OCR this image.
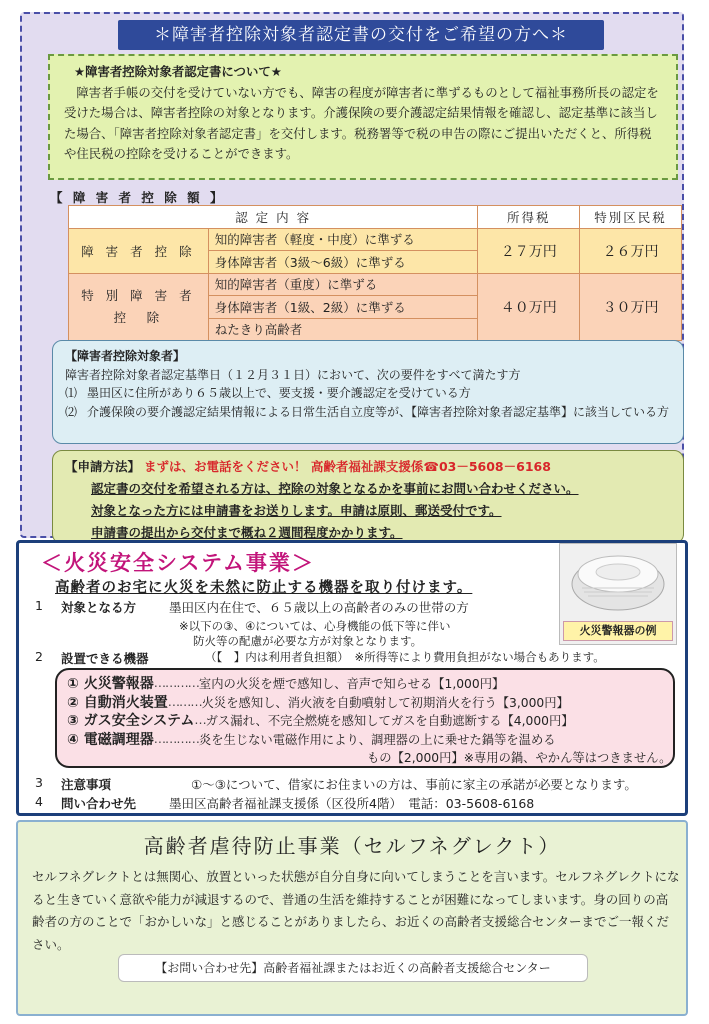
＊障害者控除対象者認定書の交付をご希望の方へ＊
★障害者控除対象者認定書について★
障害者手帳の交付を受けていない方でも、障害の程度が障害者に準ずるものとして福祉事務所長の認定を受けた場合は、障害者控除の対象となります。介護保険の要介護認定結果情報を確認し、認定基準に該当した場合、「障害者控除対象者認定書」を交付します。税務署等で税の申告の際にご提出いただくと、所得税や住民税の控除を受けることができます。
【 障 害 者 控 除 額 】
認 定 内 容		所得税	特別区民税
障 害 者 控 除	知的障害者（軽度・中度）に準ずる	２７万円	２６万円
	身体障害者（3級～6級）に準ずる		

特 別 障 害 者
控　除	知的障害者（重度）に準ずる	４０万円	３０万円
	身体障害者（1級、2級）に準ずる		
	ねたきり高齢者		
【障害者控除対象者】
障害者控除対象者認定基準日（１２月３１日）において、次の要件をすべて満たす方
⑴ 墨田区に住所があり６５歳以上で、要支援・要介護認定を受けている方
⑵ 介護保険の要介護認定結果情報による日常生活自立度等が、【障害者控除対象者認定基準】に該当している方
【申請方法】 まずは、お電話をください！ 高齢者福祉課支援係☎03－5608－6168
認定書の交付を希望される方は、控除の対象となるかを事前にお問い合わせください。
対象となった方には申請書をお送りします。申請は原則、郵送受付です。
申請書の提出から交付まで概ね２週間程度かかります。
＜火災安全システム事業＞
高齢者のお宅に火災を未然に防止する機器を取り付けます。
火災警報器の例
1 対象となる方	墨田区内在住で、６５歳以上の高齢者のみの世帯の方
※以下の③、④については、心身機能の低下等に伴い
防火等の配慮が必要な方が対象となります。
2 設置できる機器	（【　】内は利用者負担額）　※所得等により費用負担がない場合もあります。
① 火災警報器 ………… 室内の火災を煙で感知し、音声で知らせる【1,000円】
② 自動消火装置 ……… 火災を感知し、消火液を自動噴射して初期消火を行う【3,000円】
③ ガス安全システム … ガス漏れ、不完全燃焼を感知してガスを自動遮断する【4,000円】
④ 電磁調理器 ………… 炎を生じない電磁作用により、調理器の上に乗せた鍋等を温める
もの【2,000円】※専用の鍋、やかん等はつきません。
3 注意事項	①～③について、借家にお住まいの方は、事前に家主の承諾が必要となります。
4 問い合わせ先	墨田区高齢者福祉課支援係（区役所4階）　電話：03-5608-6168
高齢者虐待防止事業（セルフネグレクト）
セルフネグレクトとは無関心、放置といった状態が自分自身に向いてしまうことを言います。セルフネグレクトになると生きていく意欲や能力が減退するので、普通の生活を維持することが困難になってしまいます。身の回りの高齢者の方のことで「おかしいな」と感じることがありましたら、お近くの高齢者支援総合センターまでご一報ください。
【お問い合わせ先】高齢者福祉課またはお近くの高齢者支援総合センター
